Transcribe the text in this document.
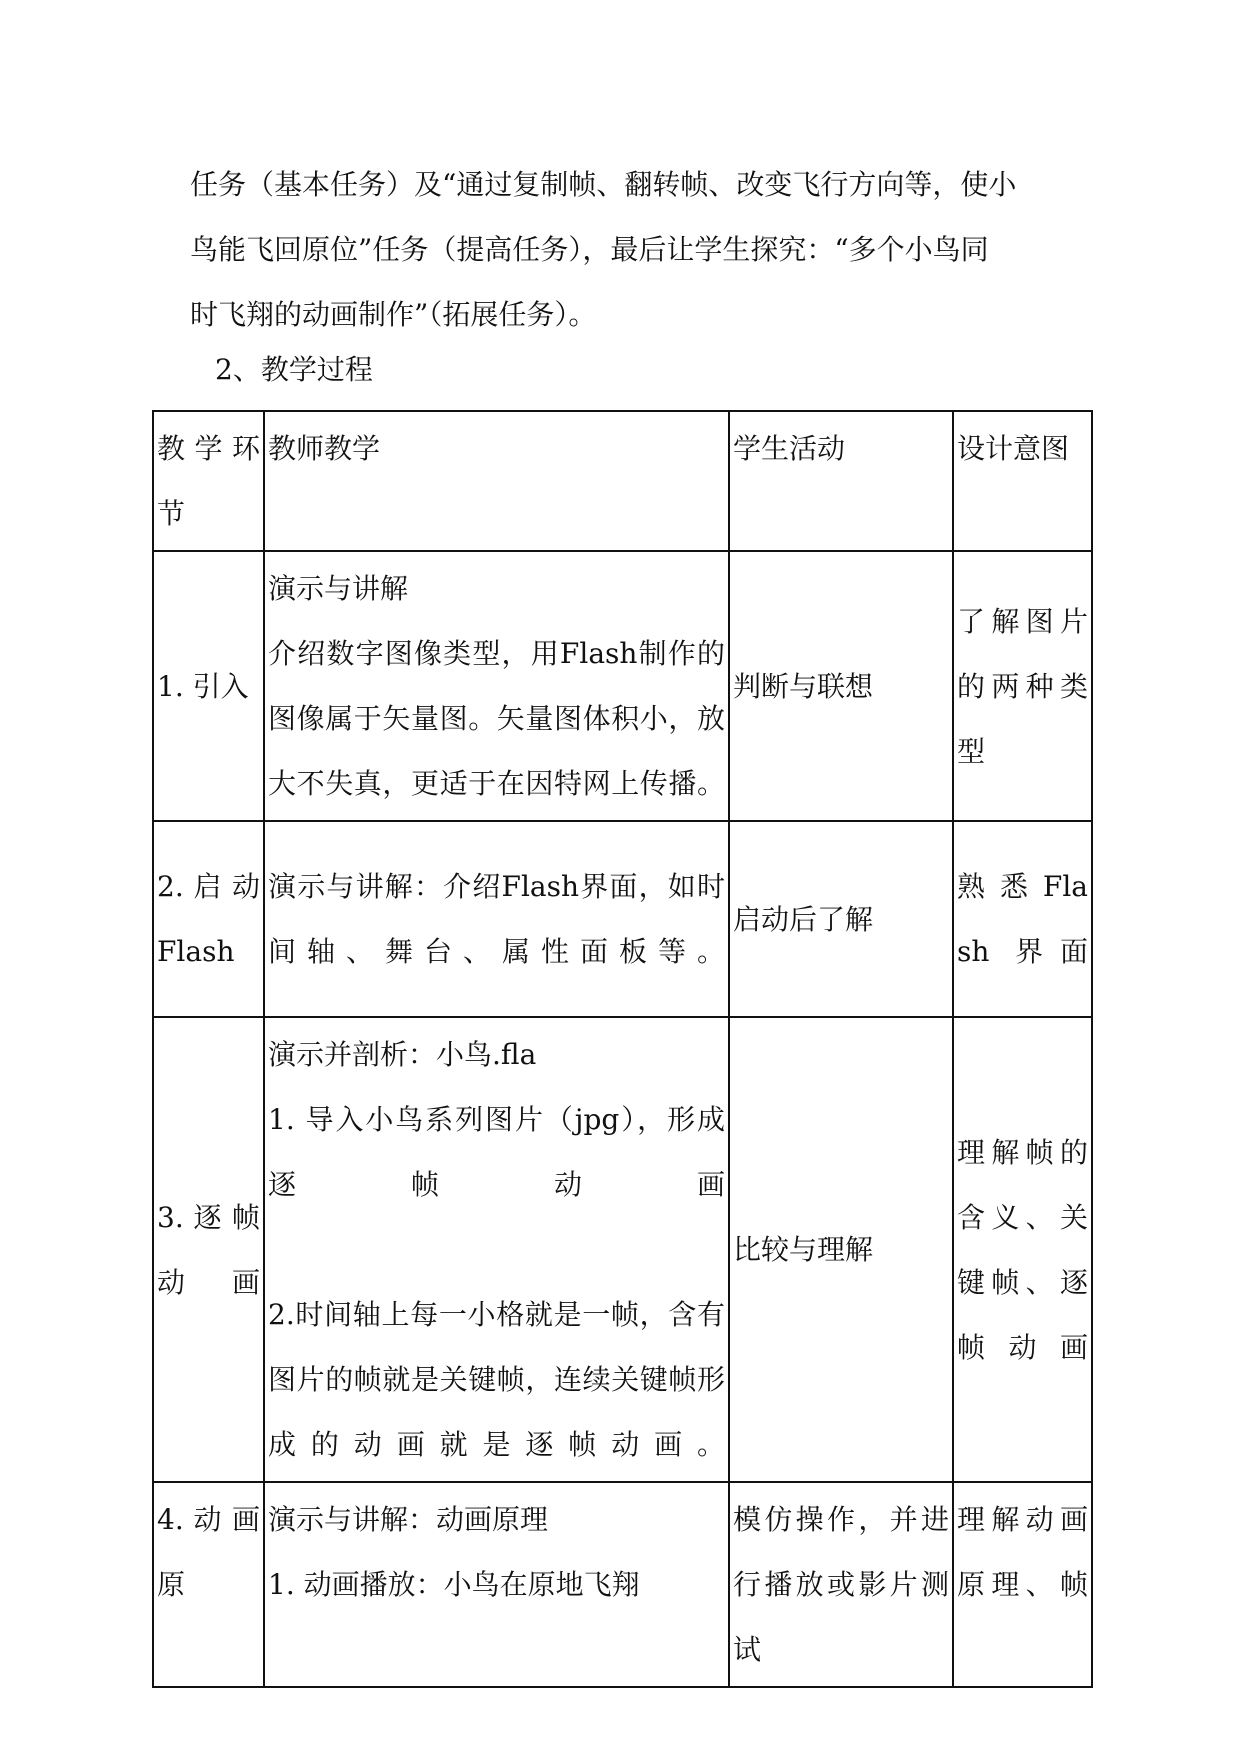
任务（基本任务）及“通过复制帧、翻转帧、改变飞行方向等，使小

鸟能飞回原位”任务（提高任务），最后让学生探究：“多个小鸟同

时飞翔的动画制作”（拓展任务）。

2、教学过程
教 学 环节	教师教学	学生活动	设计意图
1. 引入	演示与讲解
介绍数字图像类型，用Flash制作的图像属于矢量图。矢量图体积小，放大不失真，更适于在因特网上传播。	判断与联想	了解图片的两种类型
2. 启 动 Flash	演示与讲解：介绍Flash界面，如时间轴、舞台、属性面板等。	启动后了解	熟 悉 Flash 界面
3. 逐 帧 动画	演示并剖析：小鸟.fla
1. 导入小鸟系列图片（jpg），形成逐帧动画
2.时间轴上每一小格就是一帧，含有图片的帧就是关键帧，连续关键帧形成的动画就是逐帧动画。	比较与理解	理解帧的含义、关键帧、逐帧动画
4. 动 画 原	演示与讲解：动画原理
1. 动画播放：小鸟在原地飞翔	模仿操作，并进行播放或影片测试	理解动画原理、帧
